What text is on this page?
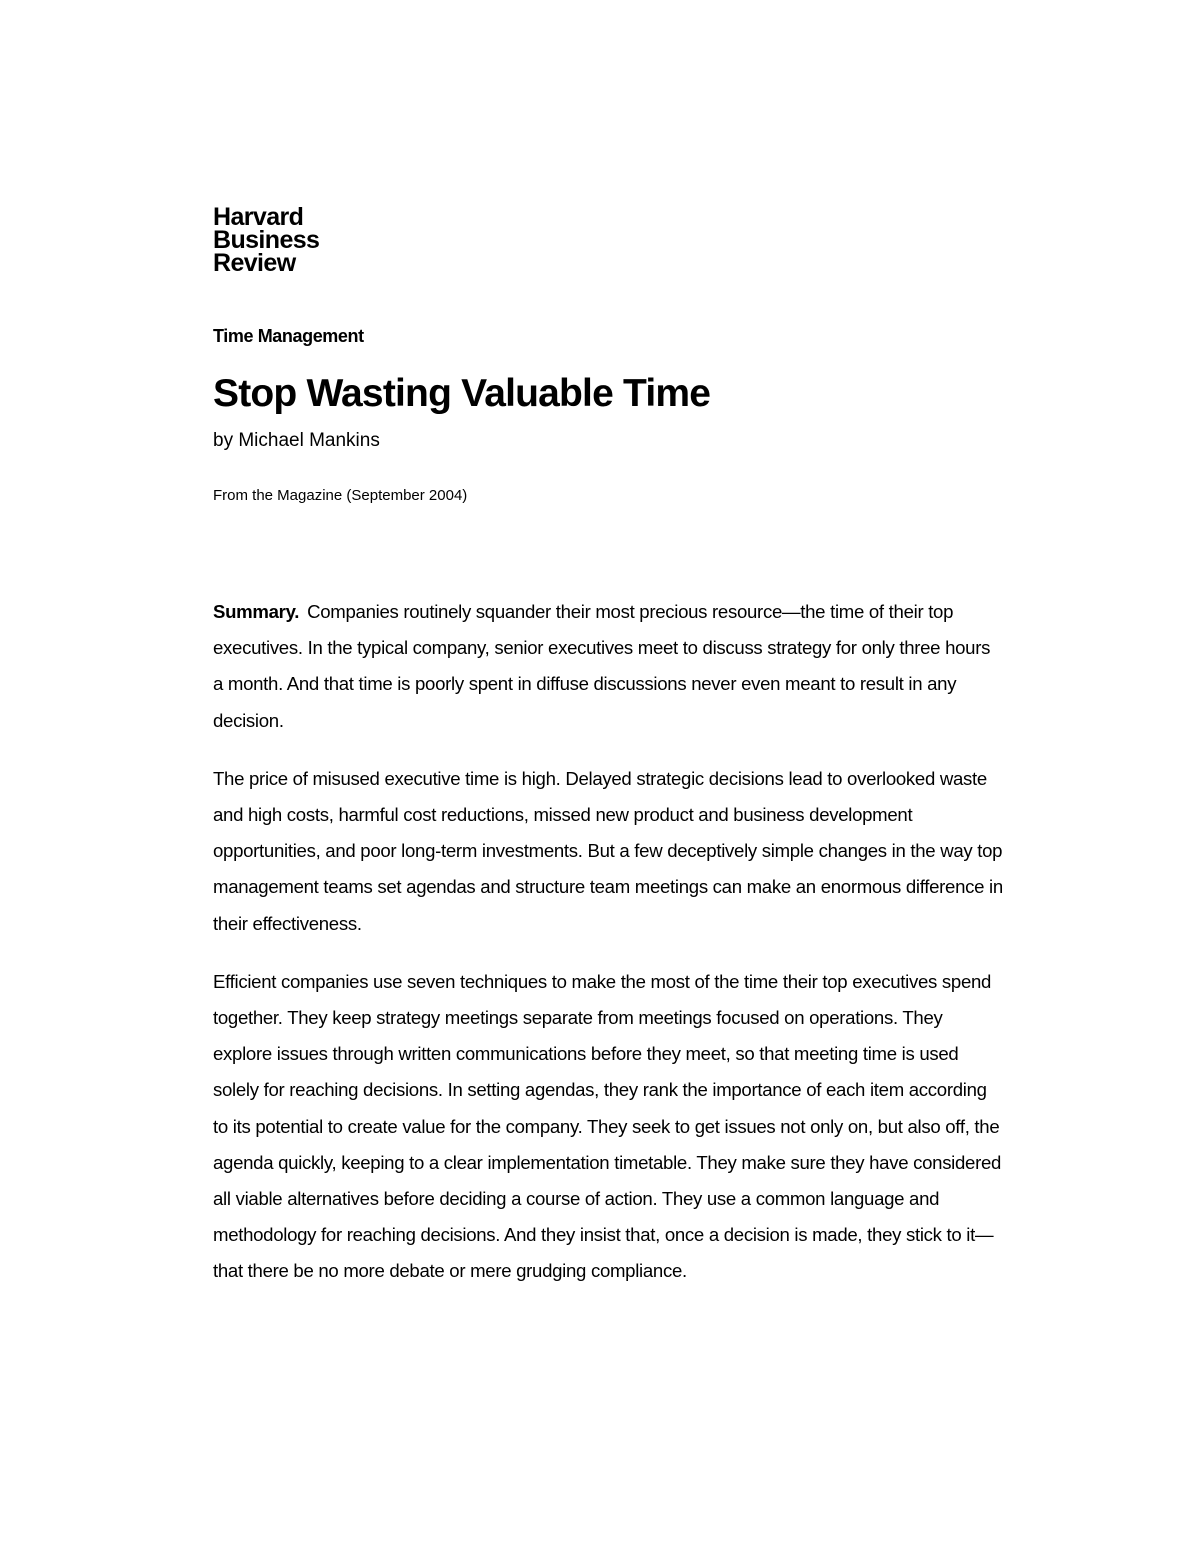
Harvard
Business
Review
Time Management
Stop Wasting Valuable Time
by Michael Mankins
From the Magazine (September 2004)

Summary. Companies routinely squander their most precious resource—the time of their top executives. In the typical company, senior executives meet to discuss strategy for only three hours a month. And that time is poorly spent in diffuse discussions never even meant to result in any decision.

The price of misused executive time is high. Delayed strategic decisions lead to overlooked waste and high costs, harmful cost reductions, missed new product and business development opportunities, and poor long-term investments. But a few deceptively simple changes in the way top management teams set agendas and structure team meetings can make an enormous difference in their effectiveness.

Efficient companies use seven techniques to make the most of the time their top executives spend together. They keep strategy meetings separate from meetings focused on operations. They explore issues through written communications before they meet, so that meeting time is used solely for reaching decisions. In setting agendas, they rank the importance of each item according to its potential to create value for the company. They seek to get issues not only on, but also off, the agenda quickly, keeping to a clear implementation timetable. They make sure they have considered all viable alternatives before deciding a course of action. They use a common language and methodology for reaching decisions. And they insist that, once a decision is made, they stick to it—that there be no more debate or mere grudging compliance.
